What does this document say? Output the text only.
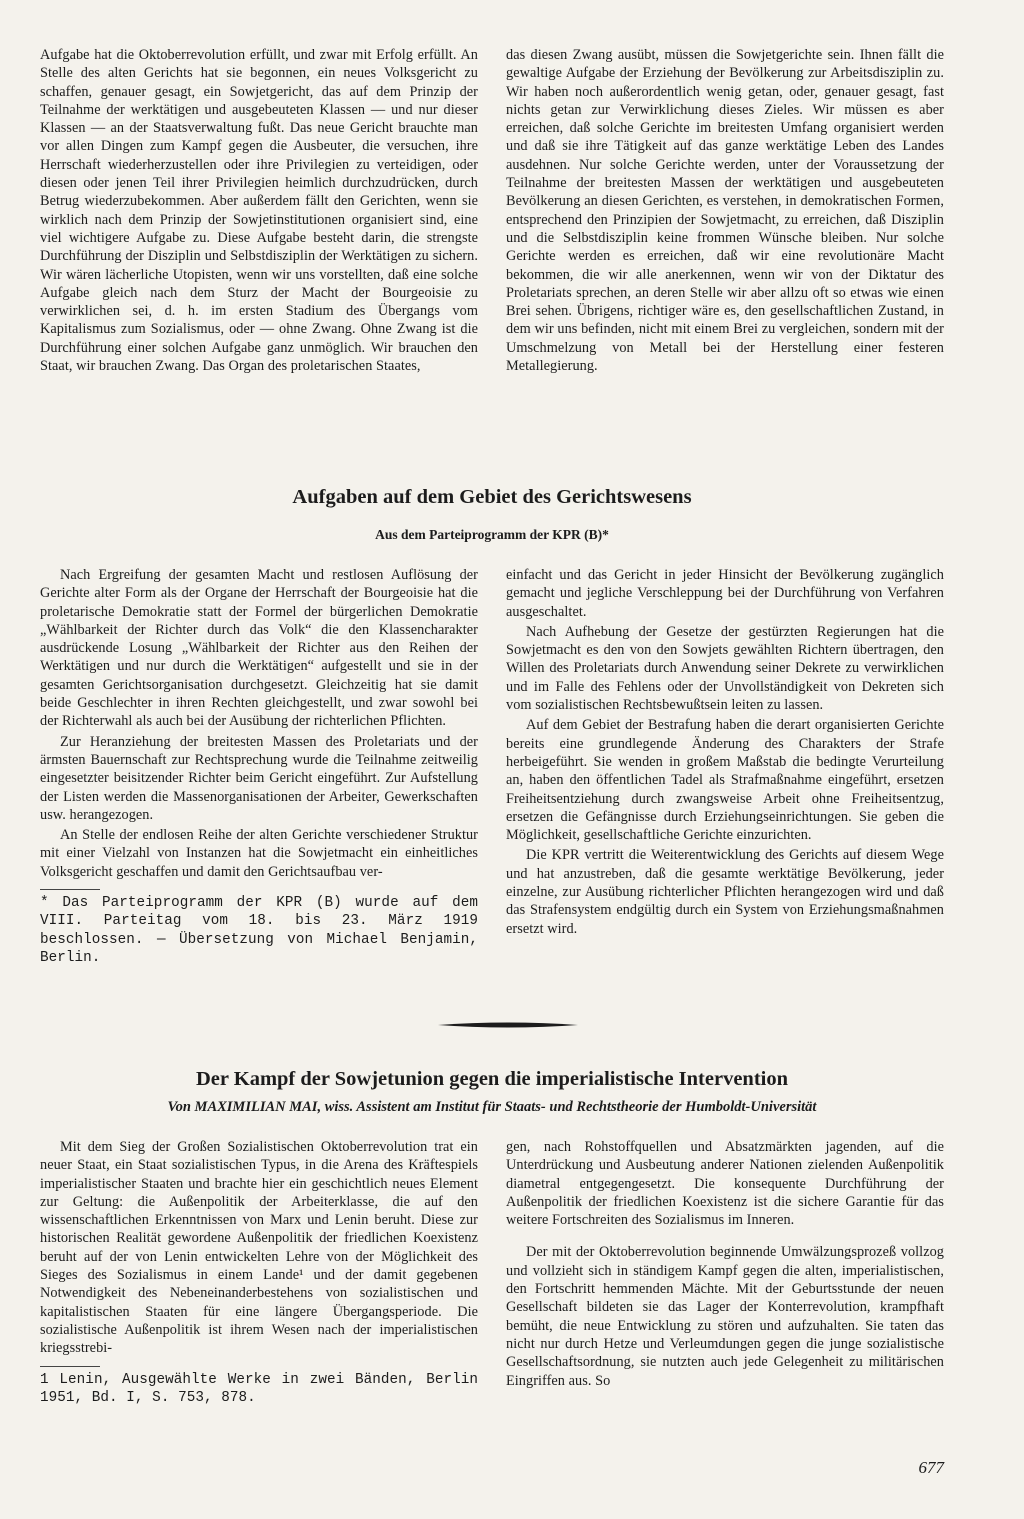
Aufgabe hat die Oktoberrevolution erfüllt, und zwar mit Erfolg erfüllt. An Stelle des alten Gerichts hat sie begonnen, ein neues Volksgericht zu schaffen, genauer gesagt, ein Sowjetgericht, das auf dem Prinzip der Teilnahme der werktätigen und ausgebeuteten Klassen — und nur dieser Klassen — an der Staatsverwaltung fußt. Das neue Gericht brauchte man vor allen Dingen zum Kampf gegen die Ausbeuter, die versuchen, ihre Herrschaft wiederherzustellen oder ihre Privilegien zu verteidigen, oder diesen oder jenen Teil ihrer Privilegien heimlich durchzudrücken, durch Betrug wiederzubekommen. Aber außerdem fällt den Gerichten, wenn sie wirklich nach dem Prinzip der Sowjetinstitutionen organisiert sind, eine viel wichtigere Aufgabe zu. Diese Aufgabe besteht darin, die strengste Durchführung der Disziplin und Selbstdisziplin der Werktätigen zu sichern. Wir wären lächerliche Utopisten, wenn wir uns vorstellten, daß eine solche Aufgabe gleich nach dem Sturz der Macht der Bourgeoisie zu verwirklichen sei, d. h. im ersten Stadium des Übergangs vom Kapitalismus zum Sozialismus, oder — ohne Zwang. Ohne Zwang ist die Durchführung einer solchen Aufgabe ganz unmöglich. Wir brauchen den Staat, wir brauchen Zwang. Das Organ des proletarischen Staates,

das diesen Zwang ausübt, müssen die Sowjetgerichte sein. Ihnen fällt die gewaltige Aufgabe der Erziehung der Bevölkerung zur Arbeitsdisziplin zu. Wir haben noch außerordentlich wenig getan, oder, genauer gesagt, fast nichts getan zur Verwirklichung dieses Zieles. Wir müssen es aber erreichen, daß solche Gerichte im breitesten Umfang organisiert werden und daß sie ihre Tätigkeit auf das ganze werktätige Leben des Landes ausdehnen. Nur solche Gerichte werden, unter der Voraussetzung der Teilnahme der breitesten Massen der werktätigen und ausgebeuteten Bevölkerung an diesen Gerichten, es verstehen, in demokratischen Formen, entsprechend den Prinzipien der Sowjetmacht, zu erreichen, daß Disziplin und die Selbstdisziplin keine frommen Wünsche bleiben. Nur solche Gerichte werden es erreichen, daß wir eine revolutionäre Macht bekommen, die wir alle anerkennen, wenn wir von der Diktatur des Proletariats sprechen, an deren Stelle wir aber allzu oft so etwas wie einen Brei sehen. Übrigens, richtiger wäre es, den gesellschaftlichen Zustand, in dem wir uns befinden, nicht mit einem Brei zu vergleichen, sondern mit der Umschmelzung von Metall bei der Herstellung einer festeren Metallegierung.

Aufgaben auf dem Gebiet des Gerichtswesens
Aus dem Parteiprogramm der KPR (B)*

Nach Ergreifung der gesamten Macht und restlosen Auflösung der Gerichte alter Form als der Organe der Herrschaft der Bourgeoisie hat die proletarische Demokratie statt der Formel der bürgerlichen Demokratie „Wählbarkeit der Richter durch das Volk“ die den Klassencharakter ausdrückende Losung „Wählbarkeit der Richter aus den Reihen der Werktätigen und nur durch die Werktätigen“ aufgestellt und sie in der gesamten Gerichtsorganisation durchgesetzt. Gleichzeitig hat sie damit beide Geschlechter in ihren Rechten gleichgestellt, und zwar sowohl bei der Richterwahl als auch bei der Ausübung der richterlichen Pflichten.

Zur Heranziehung der breitesten Massen des Proletariats und der ärmsten Bauernschaft zur Rechtsprechung wurde die Teilnahme zeitweilig eingesetzter beisitzender Richter beim Gericht eingeführt. Zur Aufstellung der Listen werden die Massenorganisationen der Arbeiter, Gewerkschaften usw. herangezogen.

An Stelle der endlosen Reihe der alten Gerichte verschiedener Struktur mit einer Vielzahl von Instanzen hat die Sowjetmacht ein einheitliches Volksgericht geschaffen und damit den Gerichtsaufbau ver-

* Das Parteiprogramm der KPR (B) wurde auf dem VIII. Parteitag vom 18. bis 23. März 1919 beschlossen. — Übersetzung von Michael Benjamin, Berlin.

einfacht und das Gericht in jeder Hinsicht der Bevölkerung zugänglich gemacht und jegliche Verschleppung bei der Durchführung von Verfahren ausgeschaltet.

Nach Aufhebung der Gesetze der gestürzten Regierungen hat die Sowjetmacht es den von den Sowjets gewählten Richtern übertragen, den Willen des Proletariats durch Anwendung seiner Dekrete zu verwirklichen und im Falle des Fehlens oder der Unvollständigkeit von Dekreten sich vom sozialistischen Rechtsbewußtsein leiten zu lassen.

Auf dem Gebiet der Bestrafung haben die derart organisierten Gerichte bereits eine grundlegende Änderung des Charakters der Strafe herbeigeführt. Sie wenden in großem Maßstab die bedingte Verurteilung an, haben den öffentlichen Tadel als Strafmaßnahme eingeführt, ersetzen Freiheitsentziehung durch zwangsweise Arbeit ohne Freiheitsentzug, ersetzen die Gefängnisse durch Erziehungseinrichtungen. Sie geben die Möglichkeit, gesellschaftliche Gerichte einzurichten.

Die KPR vertritt die Weiterentwicklung des Gerichts auf diesem Wege und hat anzustreben, daß die gesamte werktätige Bevölkerung, jeder einzelne, zur Ausübung richterlicher Pflichten herangezogen wird und daß das Strafensystem endgültig durch ein System von Erziehungsmaßnahmen ersetzt wird.

Der Kampf der Sowjetunion gegen die imperialistische Intervention
Von MAXIMILIAN MAI, wiss. Assistent am Institut für Staats- und Rechtstheorie der Humboldt-Universität

Mit dem Sieg der Großen Sozialistischen Oktoberrevolution trat ein neuer Staat, ein Staat sozialistischen Typus, in die Arena des Kräftespiels imperialistischer Staaten und brachte hier ein geschichtlich neues Element zur Geltung: die Außenpolitik der Arbeiterklasse, die auf den wissenschaftlichen Erkenntnissen von Marx und Lenin beruht. Diese zur historischen Realität gewordene Außenpolitik der friedlichen Koexistenz beruht auf der von Lenin entwickelten Lehre von der Möglichkeit des Sieges des Sozialismus in einem Lande¹ und der damit gegebenen Notwendigkeit des Nebeneinanderbestehens von sozialistischen und kapitalistischen Staaten für eine längere Übergangsperiode. Die sozialistische Außenpolitik ist ihrem Wesen nach der imperialistischen kriegsstrebi-

1 Lenin, Ausgewählte Werke in zwei Bänden, Berlin 1951, Bd. I, S. 753, 878.

gen, nach Rohstoffquellen und Absatzmärkten jagenden, auf die Unterdrückung und Ausbeutung anderer Nationen zielenden Außenpolitik diametral entgegengesetzt. Die konsequente Durchführung der Außenpolitik der friedlichen Koexistenz ist die sichere Garantie für das weitere Fortschreiten des Sozialismus im Inneren.

Der mit der Oktoberrevolution beginnende Umwälzungsprozeß vollzog und vollzieht sich in ständigem Kampf gegen die alten, imperialistischen, den Fortschritt hemmenden Mächte. Mit der Geburtsstunde der neuen Gesellschaft bildeten sie das Lager der Konterrevolution, krampfhaft bemüht, die neue Entwicklung zu stören und aufzuhalten. Sie taten das nicht nur durch Hetze und Verleumdungen gegen die junge sozialistische Gesellschaftsordnung, sie nutzten auch jede Gelegenheit zu militärischen Eingriffen aus. So

677
